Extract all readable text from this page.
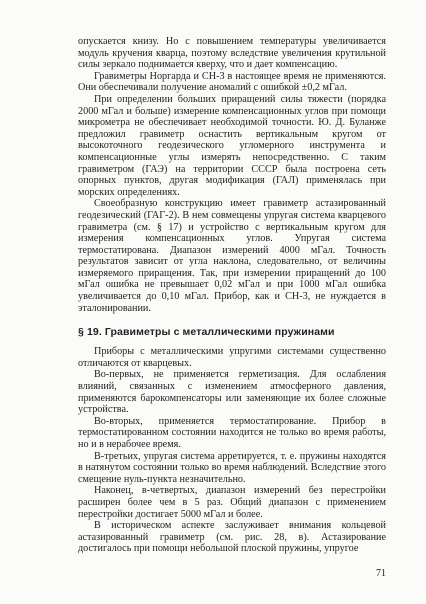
опускается книзу. Но с повышением температуры увеличивается модуль кручения кварца, поэтому вследствие увеличения крутильной силы зеркало поднимается кверху, что и дает компенсацию.

Гравиметры Норгарда и СН-3 в настоящее время не применяются. Они обеспечивали получение аномалий с ошибкой ±0,2 мГал.

При определении больших приращений силы тяжести (порядка 2000 мГал и больше) измерение компенсационных углов при помощи микрометра не обеспечивает необходимой точности. Ю. Д. Буланже предложил гравиметр оснастить вертикальным кругом от высокоточного геодезического угломерного инструмента и компенсационные углы измерять непосредственно. С таким гравиметром (ГАЭ) на территории СССР была построена сеть опорных пунктов, другая модификация (ГАЛ) применялась при морских определениях.

Своеобразную конструкцию имеет гравиметр астазированный геодезический (ГАГ-2). В нем совмещены упругая система кварцевого гравиметра (см. § 17) и устройство с вертикальным кругом для измерения компенсационных углов. Упругая система термостатирована. Диапазон измерений 4000 мГал. Точность результатов зависит от угла наклона, следовательно, от величины измеряемого приращения. Так, при измерении приращений до 100 мГал ошибка не превышает 0,02 мГал и при 1000 мГал ошибка увеличивается до 0,10 мГал. Прибор, как и СН-3, не нуждается в эталонировании.

§ 19. Гравиметры с металлическими пружинами

Приборы с металлическими упругими системами существенно отличаются от кварцевых.

Во-первых, не применяется герметизация. Для ослабления влияний, связанных с изменением атмосферного давления, применяются барокомпенсаторы или заменяющие их более сложные устройства.

Во-вторых, применяется термостатирование. Прибор в термостатированном состоянии находится не только во время работы, но и в нерабочее время.

В-третьих, упругая система арретируется, т. е. пружины находятся в натянутом состоянии только во время наблюдений. Вследствие этого смещение нуль-пункта незначительно.

Наконец, в-четвертых, диапазон измерений без перестройки расширен более чем в 5 раз. Общий диапазон с применением перестройки достигает 5000 мГал и более.

В историческом аспекте заслуживает внимания кольцевой астазированный гравиметр (см. рис. 28, в). Астазирование достигалось при помощи небольшой плоской пружины, упругое

71
